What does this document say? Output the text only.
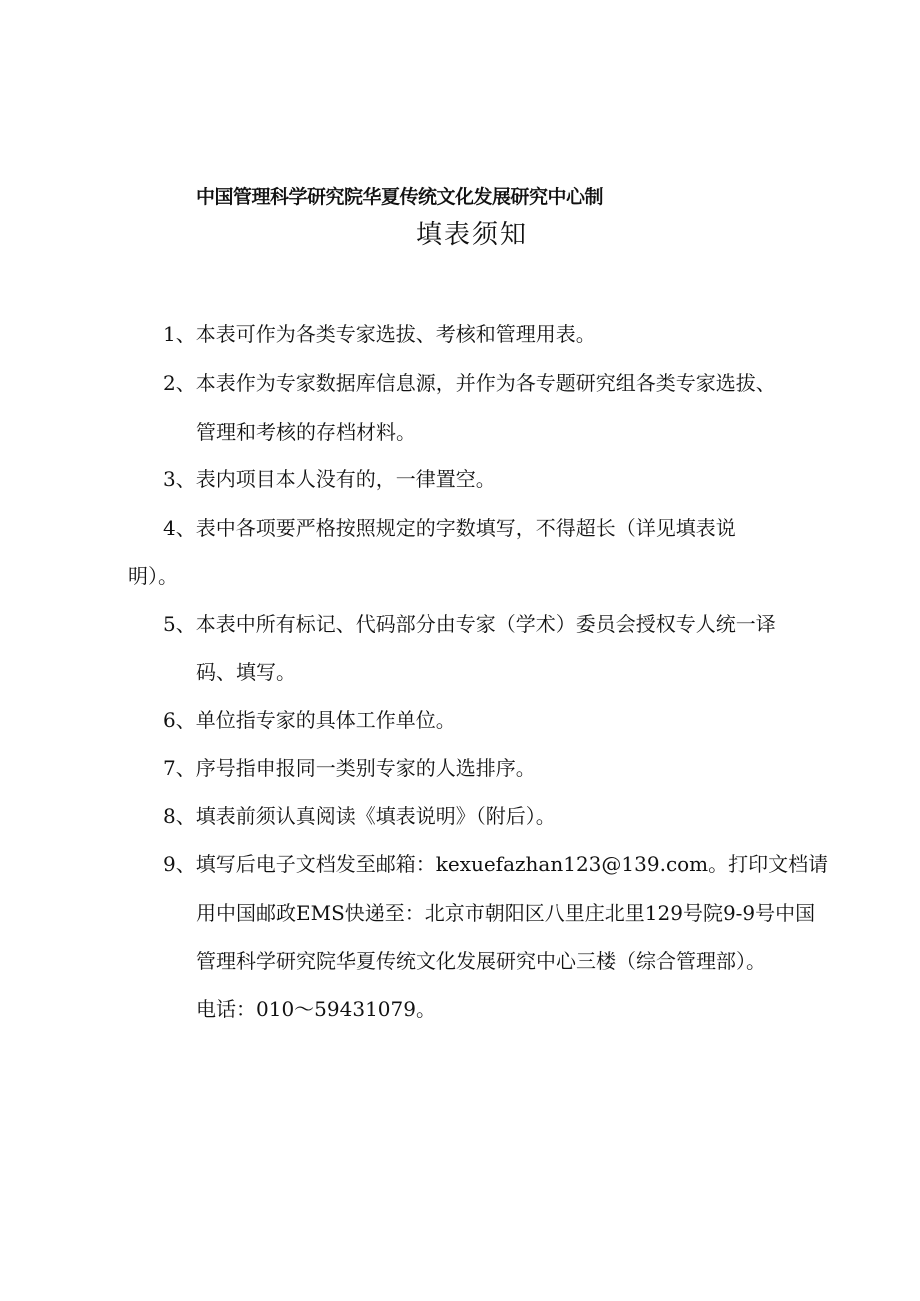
中国管理科学研究院华夏传统文化发展研究中心制
填表须知
1、本表可作为各类专家选拔、考核和管理用表。
2、本表作为专家数据库信息源，并作为各专题研究组各类专家选拔、
管理和考核的存档材料。
3、表内项目本人没有的，一律置空。
4、表中各项要严格按照规定的字数填写，不得超长（详见填表说
明）。
5、本表中所有标记、代码部分由专家（学术）委员会授权专人统一译
码、填写。
6、单位指专家的具体工作单位。
7、序号指申报同一类别专家的人选排序。
8、填表前须认真阅读《填表说明》（附后）。
9、填写后电子文档发至邮箱：kexuefazhan123@139.com。打印文档请
用中国邮政EMS快递至：北京市朝阳区八里庄北里129号院9-9号中国
管理科学研究院华夏传统文化发展研究中心三楼（综合管理部）。
电话：010～59431079。
